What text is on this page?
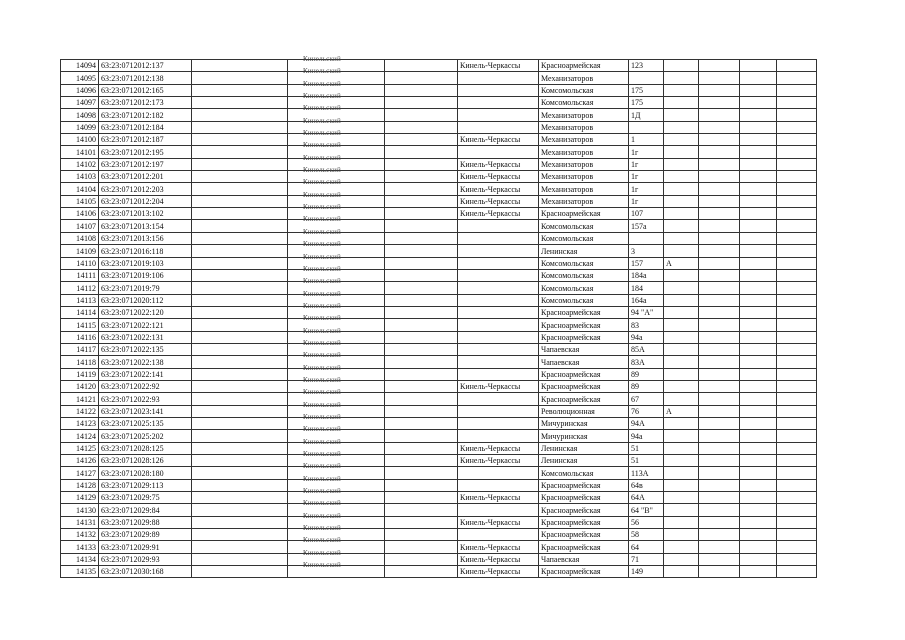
14094	63:23:0712012:137		Кинельский		Кинель-Черкассы	Красноармейская	123				
14095	63:23:0712012:138		Кинельский			Механизаторов					
14096	63:23:0712012:165		Кинельский			Комсомольская	175				
14097	63:23:0712012:173		Кинельский			Комсомольская	175				
14098	63:23:0712012:182		Кинельский			Механизаторов	1Д				
14099	63:23:0712012:184		Кинельский			Механизаторов					
14100	63:23:0712012:187		Кинельский		Кинель-Черкассы	Механизаторов	1				
14101	63:23:0712012:195		Кинельский			Механизаторов	1г				
14102	63:23:0712012:197		Кинельский		Кинель-Черкассы	Механизаторов	1г				
14103	63:23:0712012:201		Кинельский		Кинель-Черкассы	Механизаторов	1г				
14104	63:23:0712012:203		Кинельский		Кинель-Черкассы	Механизаторов	1г				
14105	63:23:0712012:204		Кинельский		Кинель-Черкассы	Механизаторов	1г				
14106	63:23:0712013:102		Кинельский		Кинель-Черкассы	Красноармейская	107				
14107	63:23:0712013:154		Кинельский			Комсомольская	157а				
14108	63:23:0712013:156		Кинельский			Комсомольская					
14109	63:23:0712016:118		Кинельский			Ленинская	3				
14110	63:23:0712019:103		Кинельский			Комсомольская	157	А			
14111	63:23:0712019:106		Кинельский			Комсомольская	184а				
14112	63:23:0712019:79		Кинельский			Комсомольская	184				
14113	63:23:0712020:112		Кинельский			Комсомольская	164а				
14114	63:23:0712022:120		Кинельский			Красноармейская	94 "А"				
14115	63:23:0712022:121		Кинельский			Красноармейская	83				
14116	63:23:0712022:131		Кинельский			Красноармейская	94а				
14117	63:23:0712022:135		Кинельский			Чапаевская	85А				
14118	63:23:0712022:138		Кинельский			Чапаевская	83А				
14119	63:23:0712022:141		Кинельский			Красноармейская	89				
14120	63:23:0712022:92		Кинельский		Кинель-Черкассы	Красноармейская	89				
14121	63:23:0712022:93		Кинельский			Красноармейская	67				
14122	63:23:0712023:141		Кинельский			Революционная	76	А			
14123	63:23:0712025:135		Кинельский			Мичуринская	94А				
14124	63:23:0712025:202		Кинельский			Мичуринская	94а				
14125	63:23:0712028:125		Кинельский		Кинель-Черкассы	Ленинская	51				
14126	63:23:0712028:126		Кинельский		Кинель-Черкассы	Ленинская	51				
14127	63:23:0712028:180		Кинельский			Комсомольская	113А				
14128	63:23:0712029:113		Кинельский			Красноармейская	64в				
14129	63:23:0712029:75		Кинельский		Кинель-Черкассы	Красноармейская	64А				
14130	63:23:0712029:84		Кинельский			Красноармейская	64 "В"				
14131	63:23:0712029:88		Кинельский		Кинель-Черкассы	Красноармейская	56				
14132	63:23:0712029:89		Кинельский			Красноармейская	58				
14133	63:23:0712029:91		Кинельский		Кинель-Черкассы	Красноармейская	64				
14134	63:23:0712029:93		Кинельский		Кинель-Черкассы	Чапаевская	71				
14135	63:23:0712030:168		Кинельский		Кинель-Черкассы	Красноармейская	149				
